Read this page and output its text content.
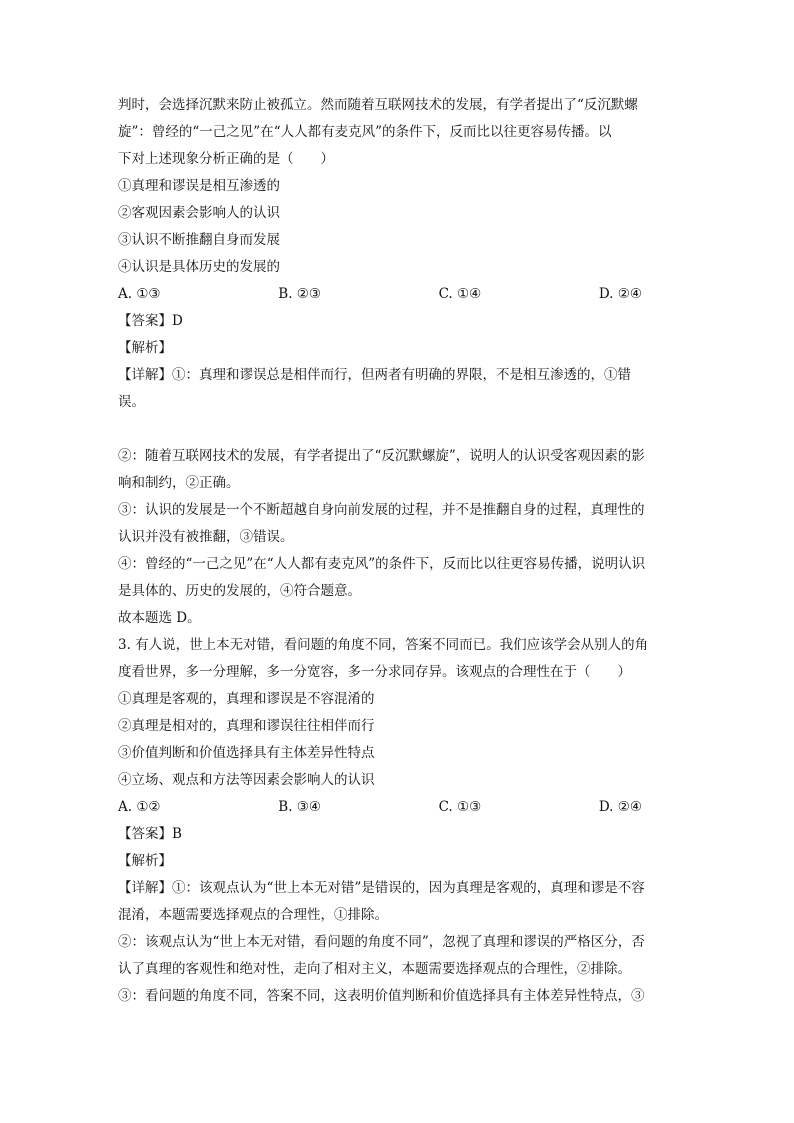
判时，会选择沉默来防止被孤立。然而随着互联网技术的发展，有学者提出了“反沉默螺
旋”：曾经的“一己之见”在“人人都有麦克风”的条件下，反而比以往更容易传播。以
下对上述现象分析正确的是（　　）
①真理和谬误是相互渗透的
②客观因素会影响人的认识
③认识不断推翻自身而发展
④认识是具体历史的发展的
A. ①③	B. ②③	C. ①④	D. ②④
【答案】D
【解析】
【详解】①：真理和谬误总是相伴而行，但两者有明确的界限，不是相互渗透的，①错
误。
②：随着互联网技术的发展，有学者提出了“反沉默螺旋”，说明人的认识受客观因素的影
响和制约，②正确。
③：认识的发展是一个不断超越自身向前发展的过程，并不是推翻自身的过程，真理性的
认识并没有被推翻，③错误。
④：曾经的“一己之见”在“人人都有麦克风”的条件下，反而比以往更容易传播，说明认识
是具体的、历史的发展的，④符合题意。
故本题选 D。
3. 有人说，世上本无对错，看问题的角度不同，答案不同而已。我们应该学会从别人的角
度看世界，多一分理解，多一分宽容，多一分求同存异。该观点的合理性在于（　　）
①真理是客观的，真理和谬误是不容混淆的
②真理是相对的，真理和谬误往往相伴而行
③价值判断和价值选择具有主体差异性特点
④立场、观点和方法等因素会影响人的认识
A. ①②	B. ③④	C. ①③	D. ②④
【答案】B
【解析】
【详解】①：该观点认为“世上本无对错”是错误的，因为真理是客观的，真理和谬是不容
混淆，本题需要选择观点的合理性，①排除。
②：该观点认为“世上本无对错，看问题的角度不同”，忽视了真理和谬误的严格区分，否
认了真理的客观性和绝对性，走向了相对主义，本题需要选择观点的合理性，②排除。
③：看问题的角度不同，答案不同，这表明价值判断和价值选择具有主体差异性特点，③
